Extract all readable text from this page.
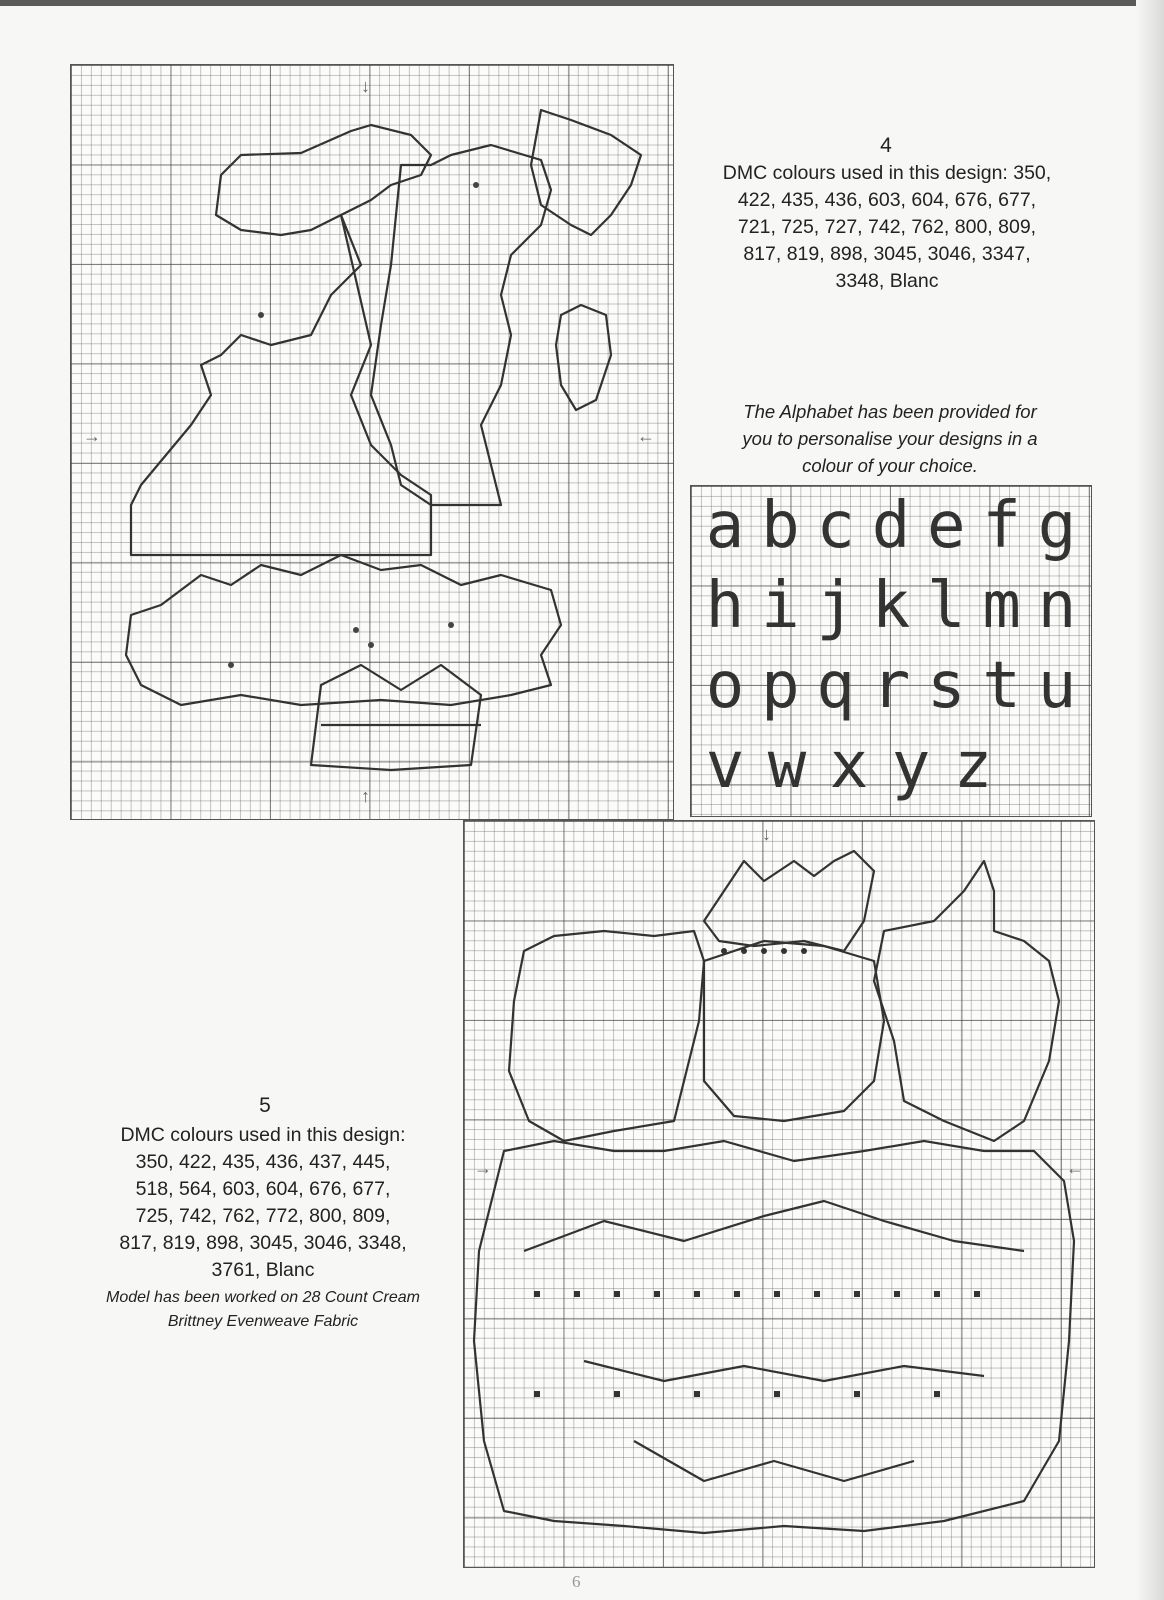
↓
↑
→	←
4
DMC colours used in this design: 350,
422, 435, 436, 603, 604, 676, 677,
721, 725, 727, 742, 762, 800, 809,
817, 819, 898, 3045, 3046, 3347,
3348, Blanc
The Alphabet has been provided for
you to personalise your designs in a
colour of your choice.
a b c d e f g
h i j k l m n
o p q r s t u
v w x y z
↓
→	←
5
DMC colours used in this design:
350, 422, 435, 436, 437, 445,
518, 564, 603, 604, 676, 677,
725, 742, 762, 772, 800, 809,
817, 819, 898, 3045, 3046, 3348,
3761, Blanc
Model has been worked on 28 Count Cream
Brittney Evenweave Fabric
6
